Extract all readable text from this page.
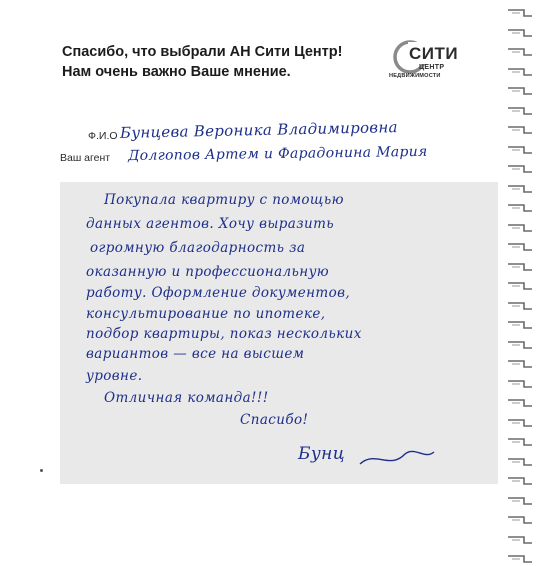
Спасибо, что выбрали АН Сити Центр!
Нам очень важно Ваше мнение.
СИТИ
ЦЕНТР
НЕДВИЖИМОСТИ
Ф.И.О Бунцева Вероника Владимировна
Ваш агент Долгопов Артем и Фарадонина Мария
Покупала квартиру с помощью
данных агентов. Хочу выразить
огромную благодарность за
оказанную и профессиональную
работу. Оформление документов,
консультирование по ипотеке,
подбор квартиры, показ нескольких
вариантов — все на высшем
уровне.
Отличная команда!!!
Спасибо!
Бунц
